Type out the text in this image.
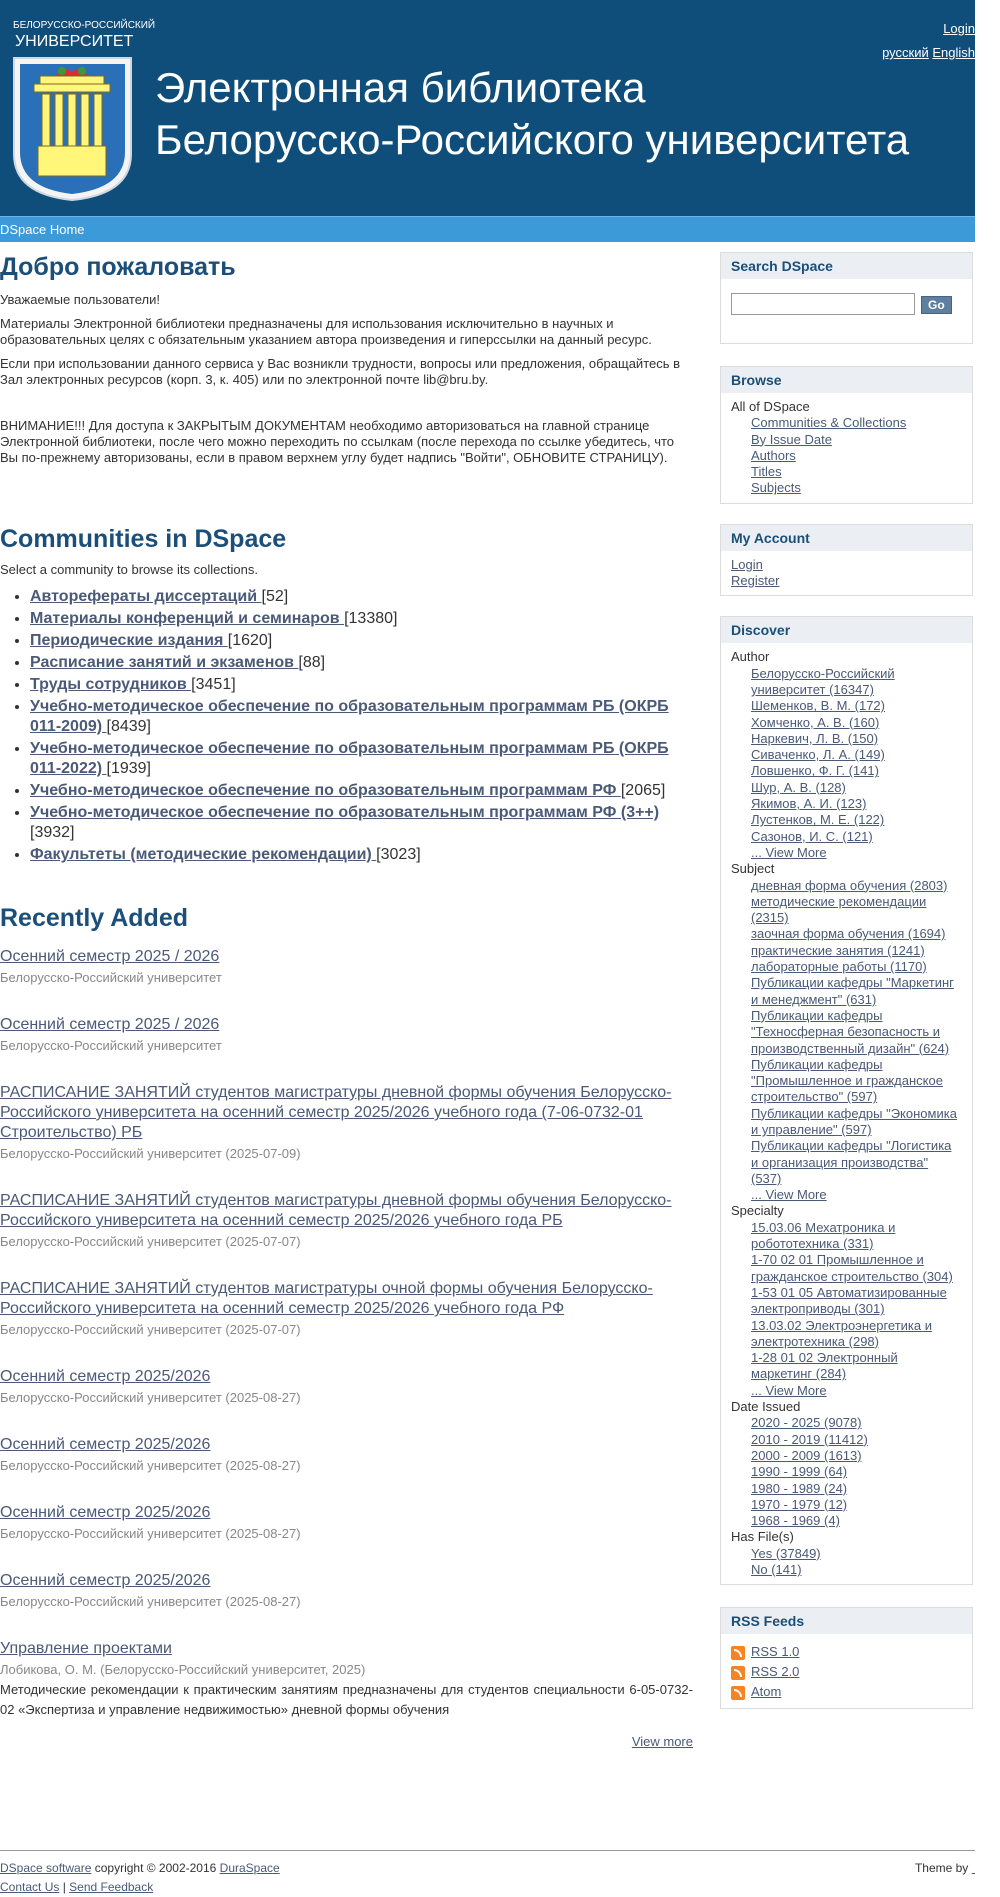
БЕЛОРУССКО-РОССИЙСКИЙ
УНИВЕРСИТЕТ
Электронная библиотека
Белорусско-Российского университета
Login
русский English
DSpace Home
Добро пожаловать

Уважаемые пользователи!

Материалы Электронной библиотеки предназначены для использования исключительно в научных и образовательных целях с обязательным указанием автора произведения и гиперссылки на данный ресурс.

Если при использовании данного сервиса у Вас возникли трудности, вопросы или предложения, обращайтесь в Зал электронных ресурсов (корп. 3, к. 405) или по электронной почте lib@bru.by.

ВНИМАНИЕ!!! Для доступа к ЗАКРЫТЫМ ДОКУМЕНТАМ необходимо авторизоваться на главной странице Электронной библиотеки, после чего можно переходить по ссылкам (после перехода по ссылке убедитесь, что Вы по-прежнему авторизованы, если в правом верхнем углу будет надпись "Войти", ОБНОВИТЕ СТРАНИЦУ).

Communities in DSpace

Select a community to browse its collections.

• Авторефераты диссертаций [52]
• Материалы конференций и семинаров [13380]
• Периодические издания [1620]
• Расписание занятий и экзаменов [88]
• Труды сотрудников [3451]
• Учебно-методическое обеспечение по образовательным программам РБ (ОКРБ 011-2009) [8439]
• Учебно-методическое обеспечение по образовательным программам РБ (ОКРБ 011-2022) [1939]
• Учебно-методическое обеспечение по образовательным программам РФ [2065]
• Учебно-методическое обеспечение по образовательным программам РФ (3++) [3932]
• Факультеты (методические рекомендации) [3023]
Recently Added
Осенний семестр 2025 / 2026
Белорусско-Российский университет
Осенний семестр 2025 / 2026
Белорусско-Российский университет
РАСПИСАНИЕ ЗАНЯТИЙ студентов магистратуры дневной формы обучения Белорусско-Российского университета на осенний семестр 2025/2026 учебного года (7-06-0732-01 Строительство) РБ
Белорусско-Российский университет (2025-07-09)
РАСПИСАНИЕ ЗАНЯТИЙ студентов магистратуры дневной формы обучения Белорусско-Российского университета на осенний семестр 2025/2026 учебного года РБ
Белорусско-Российский университет (2025-07-07)
РАСПИСАНИЕ ЗАНЯТИЙ студентов магистратуры очной формы обучения Белорусско-Российского университета на осенний семестр 2025/2026 учебного года РФ
Белорусско-Российский университет (2025-07-07)
Осенний семестр 2025/2026
Белорусско-Российский университет (2025-08-27)
Осенний семестр 2025/2026
Белорусско-Российский университет (2025-08-27)
Осенний семестр 2025/2026
Белорусско-Российский университет (2025-08-27)
Осенний семестр 2025/2026
Белорусско-Российский университет (2025-08-27)
Управление проектами
Лобикова, О. М. (Белорусско-Российский университет, 2025)
Методические рекомендации к практическим занятиям предназначены для студентов специальности 6-05-0732-02 «Экспертиза и управление недвижимостью» дневной формы обучения
View more
Search DSpace
Go
Browse
All of DSpace
Communities & Collections
By Issue Date
Authors
Titles
Subjects
My Account
Login
Register
Discover
Author
Белорусско-Российский университет (16347)
Шеменков, В. М. (172)
Хомченко, А. В. (160)
Наркевич, Л. В. (150)
Сиваченко, Л. А. (149)
Ловшенко, Ф. Г. (141)
Шур, А. В. (128)
Якимов, А. И. (123)
Лустенков, М. Е. (122)
Сазонов, И. С. (121)
... View More
Subject
дневная форма обучения (2803)
методические рекомендации (2315)
заочная форма обучения (1694)
практические занятия (1241)
лабораторные работы (1170)
Публикации кафедры "Маркетинг и менеджмент" (631)
Публикации кафедры "Техносферная безопасность и производственный дизайн" (624)
Публикации кафедры "Промышленное и гражданское строительство" (597)
Публикации кафедры "Экономика и управление" (597)
Публикации кафедры "Логистика и организация производства" (537)
... View More
Specialty
15.03.06 Мехатроника и робототехника (331)
1-70 02 01 Промышленное и гражданское строительство (304)
1-53 01 05 Автоматизированные электроприводы (301)
13.03.02 Электроэнергетика и электротехника (298)
1-28 01 02 Электронный маркетинг (284)
... View More
Date Issued
2020 - 2025 (9078)
2010 - 2019 (11412)
2000 - 2009 (1613)
1990 - 1999 (64)
1980 - 1989 (24)
1970 - 1979 (12)
1968 - 1969 (4)
Has File(s)
Yes (37849)
No (141)
RSS Feeds
RSS 1.0
RSS 2.0
Atom
DSpace software copyright © 2002-2016 DuraSpace	Theme by
Contact Us | Send Feedback
